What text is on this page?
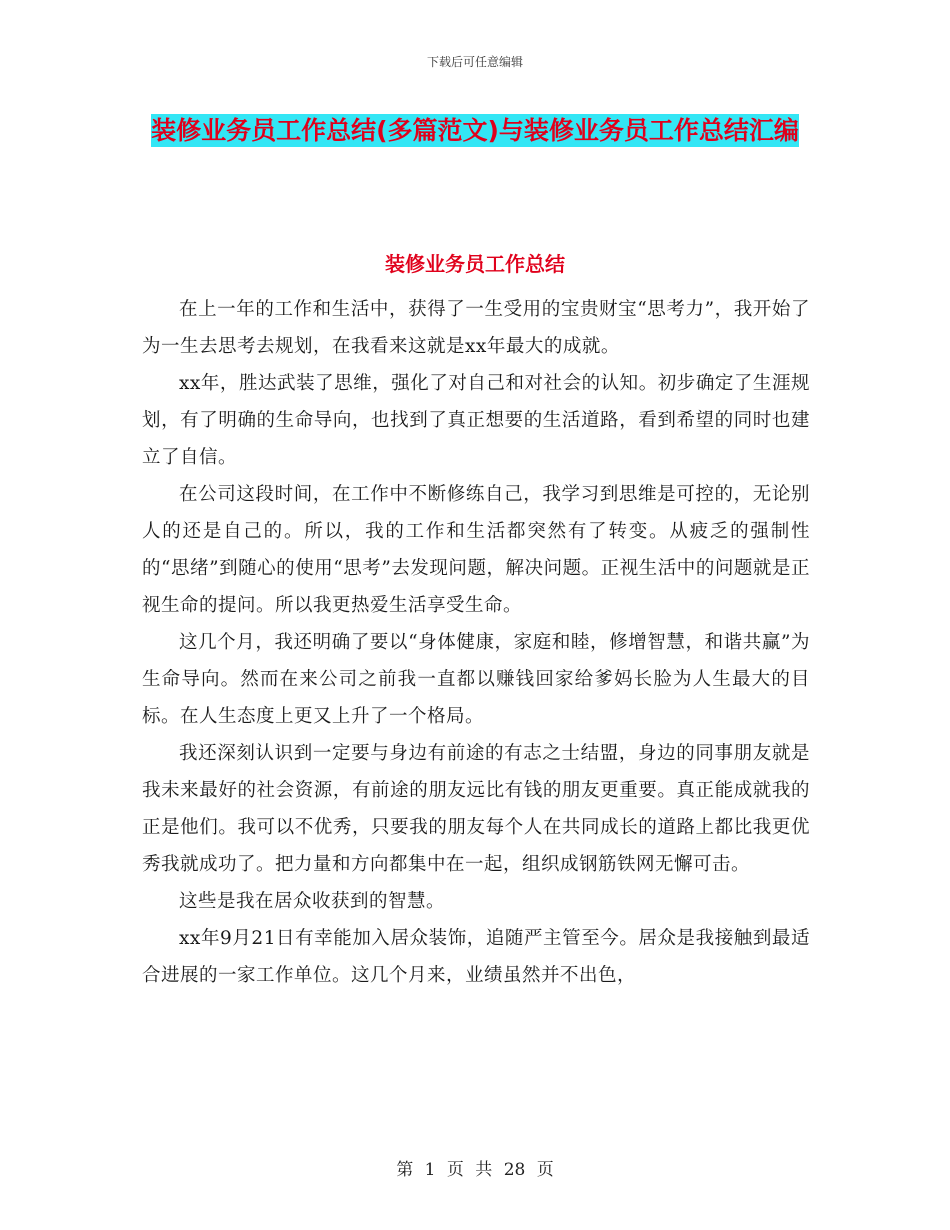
下载后可任意编辑
装修业务员工作总结(多篇范文)与装修业务员工作总结汇编
装修业务员工作总结

在上一年的工作和生活中，获得了一生受用的宝贵财宝“思考力”，我开始了为一生去思考去规划，在我看来这就是xx年最大的成就。

xx年，胜达武装了思维，强化了对自己和对社会的认知。初步确定了生涯规划，有了明确的生命导向，也找到了真正想要的生活道路，看到希望的同时也建立了自信。

在公司这段时间，在工作中不断修练自己，我学习到思维是可控的，无论别人的还是自己的。所以，我的工作和生活都突然有了转变。从疲乏的强制性的“思绪”到随心的使用“思考”去发现问题，解决问题。正视生活中的问题就是正视生命的提问。所以我更热爱生活享受生命。

这几个月，我还明确了要以“身体健康，家庭和睦，修增智慧，和谐共赢”为生命导向。然而在来公司之前我一直都以赚钱回家给爹妈长脸为人生最大的目标。在人生态度上更又上升了一个格局。

我还深刻认识到一定要与身边有前途的有志之士结盟，身边的同事朋友就是我未来最好的社会资源，有前途的朋友远比有钱的朋友更重要。真正能成就我的正是他们。我可以不优秀，只要我的朋友每个人在共同成长的道路上都比我更优秀我就成功了。把力量和方向都集中在一起，组织成钢筋铁网无懈可击。

这些是我在居众收获到的智慧。

xx年9月21日有幸能加入居众装饰，追随严主管至今。居众是我接触到最适合进展的一家工作单位。这几个月来，业绩虽然并不出色，

第 1 页 共 28 页
